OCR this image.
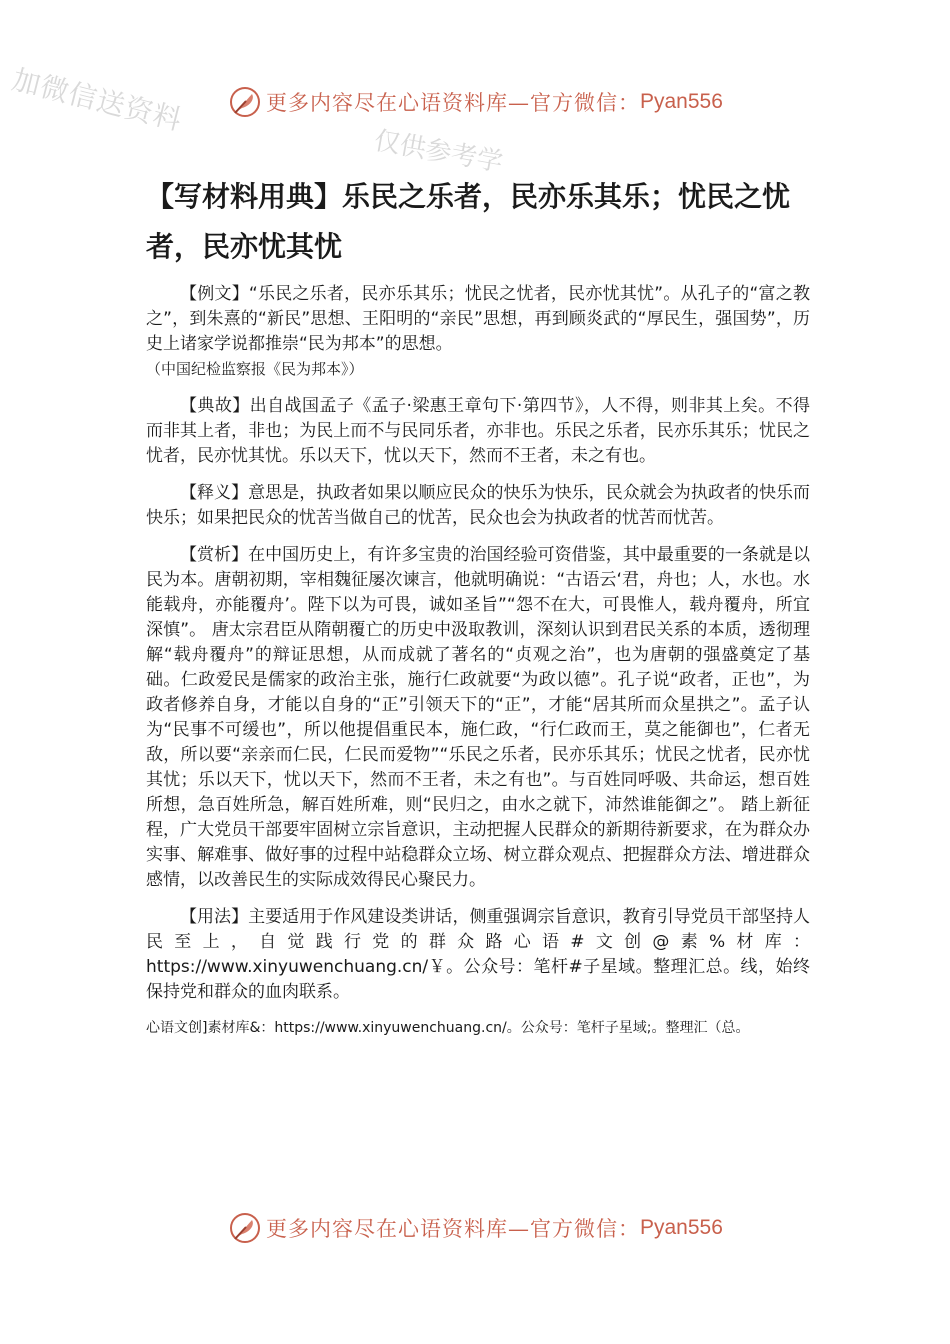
加微信送资料
仅供参考学
更多内容尽在心语资料库—官方微信： Pyan556
【写材料用典】乐民之乐者，民亦乐其乐；忧民之忧者，民亦忧其忧

【例文】“乐民之乐者，民亦乐其乐；忧民之忧者，民亦忧其忧”。从孔子的“富之教之”，到朱熹的“新民”思想、王阳明的“亲民”思想，再到顾炎武的“厚民生，强国势”，历史上诸家学说都推崇“民为邦本”的思想。
（中国纪检监察报《民为邦本》）

【典故】出自战国孟子《孟子·梁惠王章句下·第四节》，人不得，则非其上矣。不得而非其上者，非也；为民上而不与民同乐者，亦非也。乐民之乐者，民亦乐其乐；忧民之忧者，民亦忧其忧。乐以天下，忧以天下，然而不王者，未之有也。

【释义】意思是，执政者如果以顺应民众的快乐为快乐，民众就会为执政者的快乐而快乐；如果把民众的忧苦当做自己的忧苦，民众也会为执政者的忧苦而忧苦。

【赏析】在中国历史上，有许多宝贵的治国经验可资借鉴，其中最重要的一条就是以民为本。唐朝初期，宰相魏征屡次谏言，他就明确说：“古语云‘君，舟也；人，水也。水能载舟，亦能覆舟’。陛下以为可畏，诚如圣旨”“怨不在大，可畏惟人，载舟覆舟，所宜深慎”。 唐太宗君臣从隋朝覆亡的历史中汲取教训，深刻认识到君民关系的本质，透彻理解“载舟覆舟”的辩证思想，从而成就了著名的“贞观之治”，也为唐朝的强盛奠定了基础。仁政爱民是儒家的政治主张，施行仁政就要“为政以德”。孔子说“政者，正也”，为政者修养自身，才能以自身的“正”引领天下的“正”，才能“居其所而众星拱之”。孟子认为“民事不可缓也”，所以他提倡重民本，施仁政，“行仁政而王，莫之能御也”，仁者无敌，所以要“亲亲而仁民，仁民而爱物”“乐民之乐者，民亦乐其乐；忧民之忧者，民亦忧其忧；乐以天下，忧以天下，然而不王者，未之有也”。与百姓同呼吸、共命运，想百姓所想，急百姓所急，解百姓所难，则“民归之，由水之就下，沛然谁能御之”。 踏上新征程，广大党员干部要牢固树立宗旨意识，主动把握人民群众的新期待新要求，在为群众办实事、解难事、做好事的过程中站稳群众立场、树立群众观点、把握群众方法、增进群众感情，以改善民生的实际成效得民心聚民力。

【用法】主要适用于作风建设类讲话，侧重强调宗旨意识，教育引导党员干部坚持人民至上，自觉践行党的群众路心语#文创@素%材库：https://www.xinyuwenchuang.cn/￥。公众号：笔杆#子星域。整理汇总。线，始终保持党和群众的血肉联系。

心语文创]素材库&：https://www.xinyuwenchuang.cn/。公众号：笔杆子星域;。整理汇（总。

更多内容尽在心语资料库—官方微信： Pyan556
